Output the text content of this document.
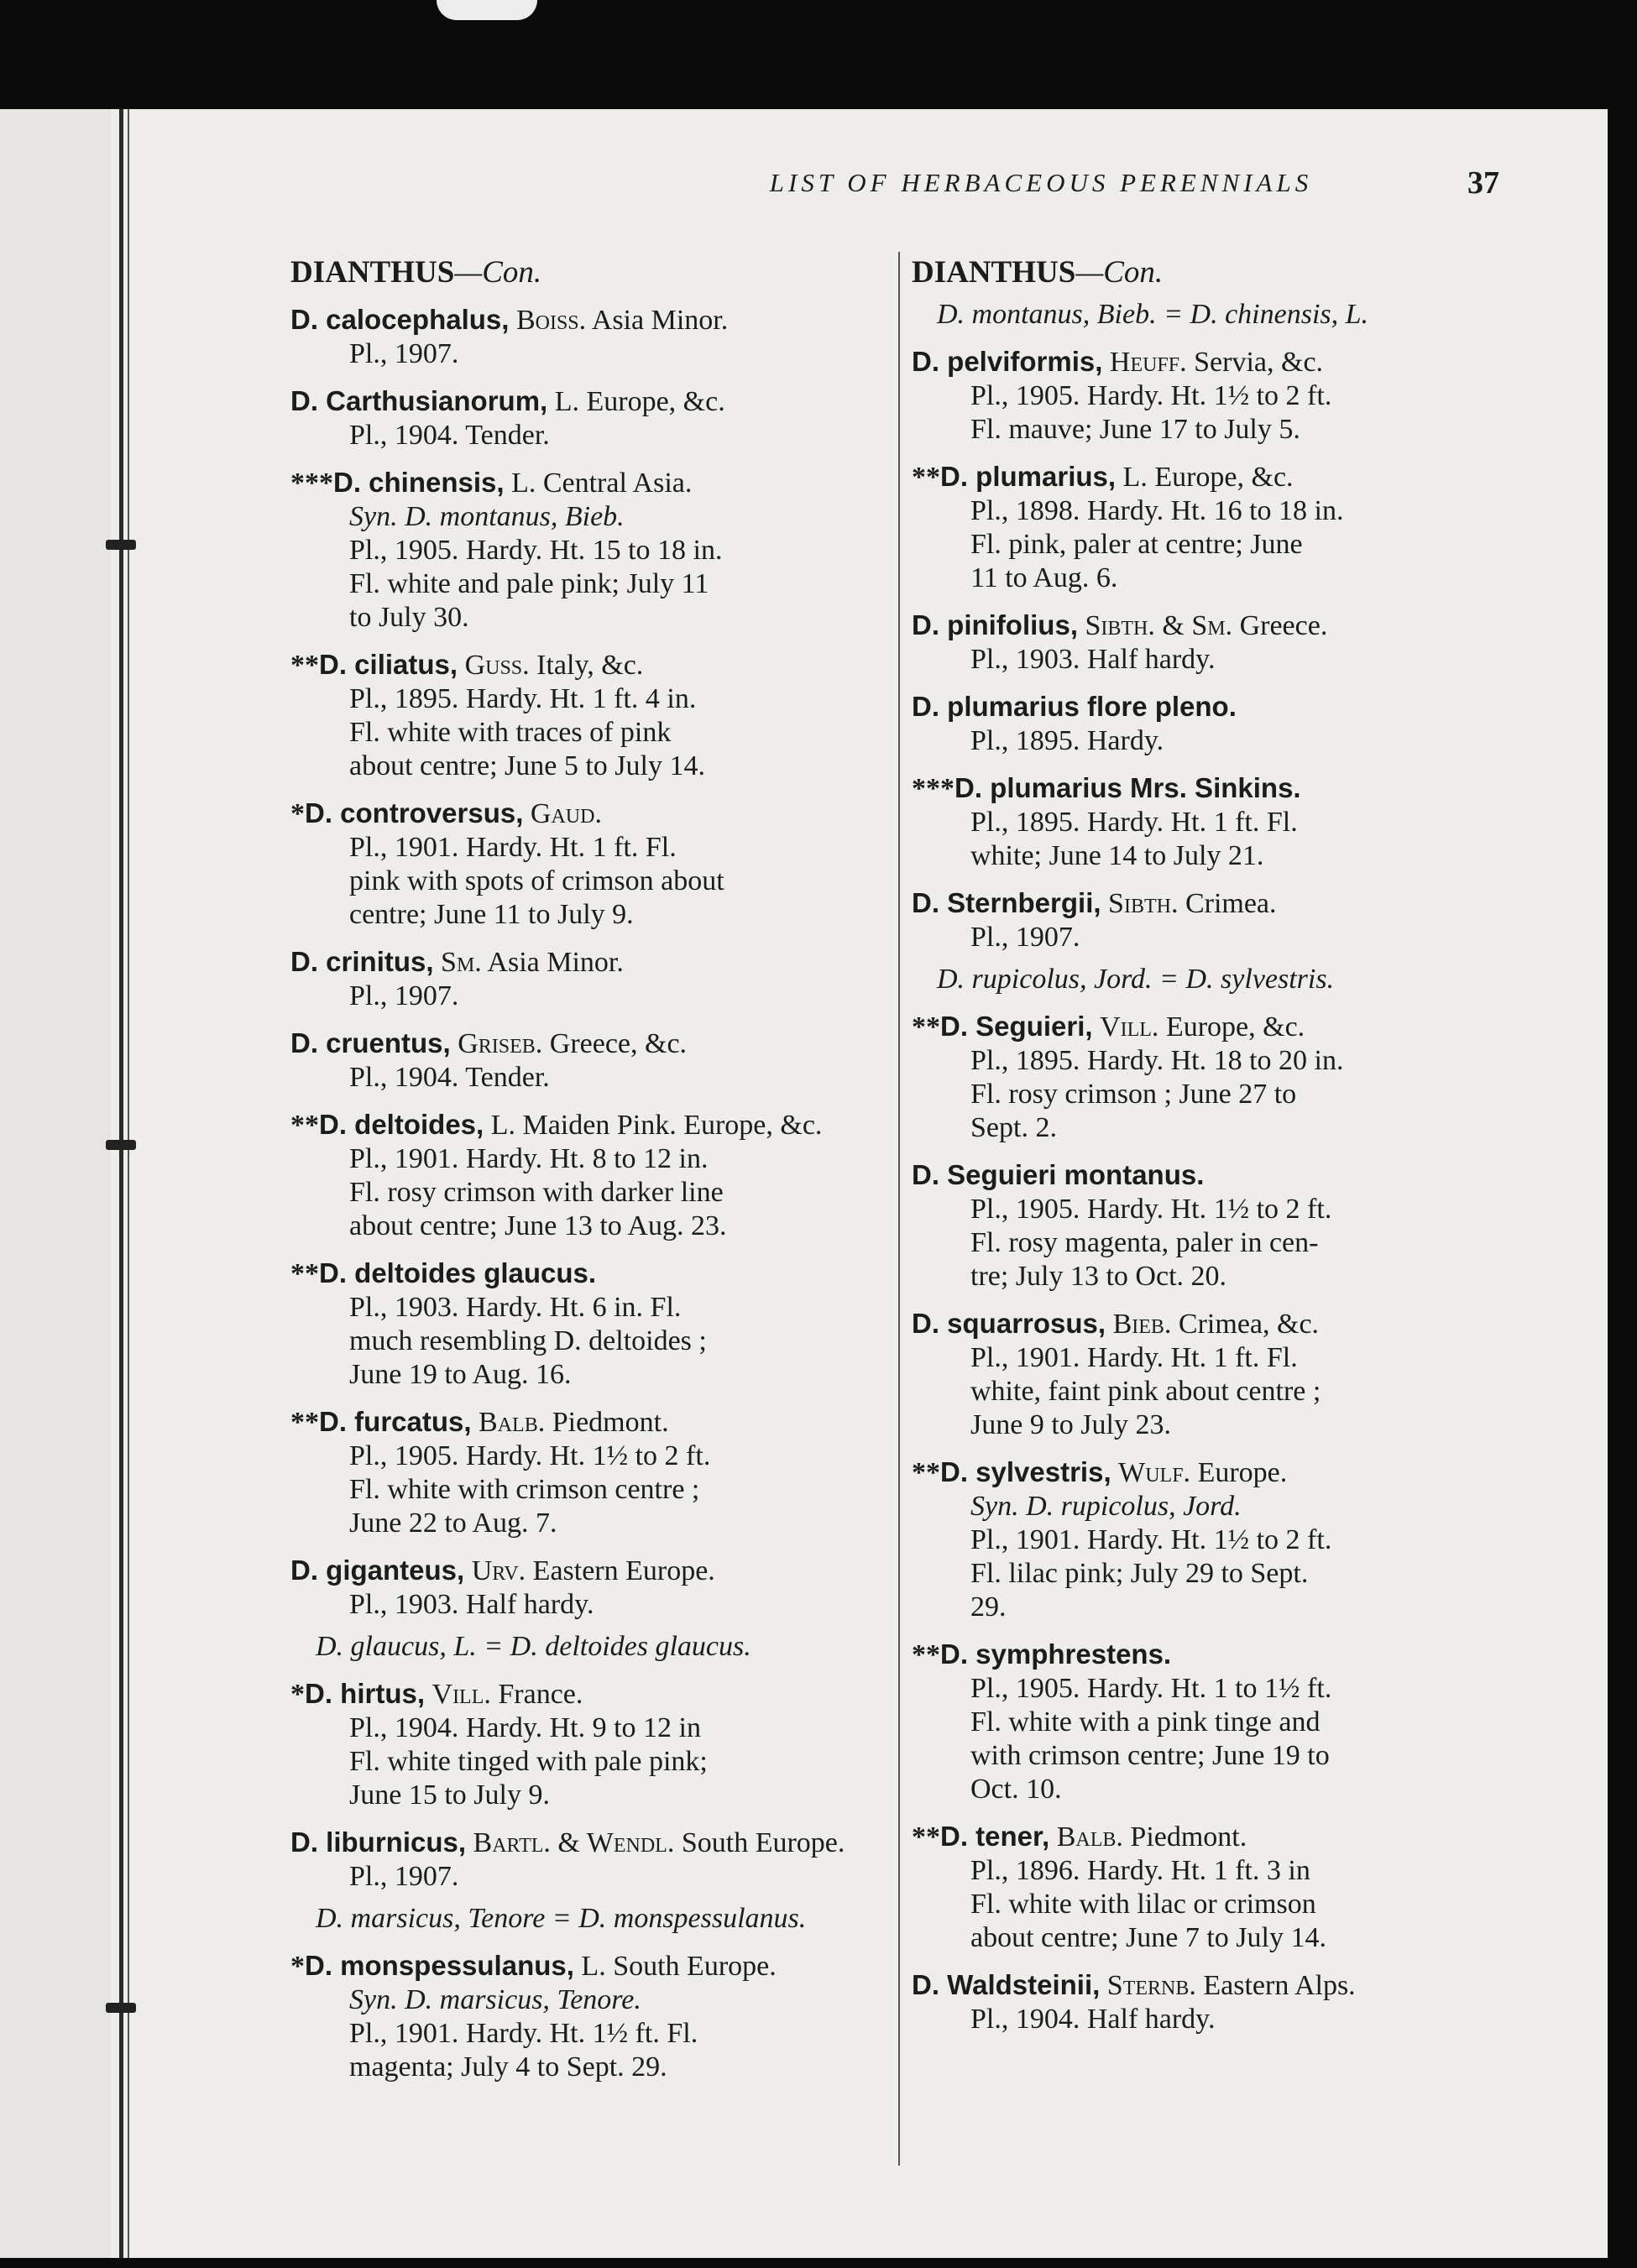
LIST OF HERBACEOUS PERENNIALS	37
DIANTHUS—Con.
D. calocephalus, Boiss. Asia Minor.
Pl., 1907.
D. Carthusianorum, L. Europe, &c.
Pl., 1904. Tender.
***D. chinensis, L. Central Asia.
Syn. D. montanus, Bieb.
Pl., 1905. Hardy. Ht. 15 to 18 in.
Fl. white and pale pink; July 11
to July 30.
**D. ciliatus, Guss. Italy, &c.
Pl., 1895. Hardy. Ht. 1 ft. 4 in.
Fl. white with traces of pink
about centre; June 5 to July 14.
*D. controversus, Gaud.
Pl., 1901. Hardy. Ht. 1 ft. Fl.
pink with spots of crimson about
centre; June 11 to July 9.
D. crinitus, Sm. Asia Minor.
Pl., 1907.
D. cruentus, Griseb. Greece, &c.
Pl., 1904. Tender.
**D. deltoides, L. Maiden Pink. Europe, &c.
Pl., 1901. Hardy. Ht. 8 to 12 in.
Fl. rosy crimson with darker line
about centre; June 13 to Aug. 23.
**D. deltoides glaucus.
Pl., 1903. Hardy. Ht. 6 in. Fl.
much resembling D. deltoides ;
June 19 to Aug. 16.
**D. furcatus, Balb. Piedmont.
Pl., 1905. Hardy. Ht. 1½ to 2 ft.
Fl. white with crimson centre ;
June 22 to Aug. 7.
D. giganteus, Urv. Eastern Europe.
Pl., 1903. Half hardy.
D. glaucus, L. = D. deltoides glaucus.
*D. hirtus, Vill. France.
Pl., 1904. Hardy. Ht. 9 to 12 in
Fl. white tinged with pale pink;
June 15 to July 9.
D. liburnicus, Bartl. & Wendl. South Europe.
Pl., 1907.
D. marsicus, Tenore = D. monspessulanus.
*D. monspessulanus, L. South Europe.
Syn. D. marsicus, Tenore.
Pl., 1901. Hardy. Ht. 1½ ft. Fl.
magenta; July 4 to Sept. 29.
DIANTHUS—Con.
D. montanus, Bieb. = D. chinensis, L.
D. pelviformis, Heuff. Servia, &c.
Pl., 1905. Hardy. Ht. 1½ to 2 ft.
Fl. mauve; June 17 to July 5.
**D. plumarius, L. Europe, &c.
Pl., 1898. Hardy. Ht. 16 to 18 in.
Fl. pink, paler at centre; June
11 to Aug. 6.
D. pinifolius, Sibth. & Sm. Greece.
Pl., 1903. Half hardy.
D. plumarius flore pleno.
Pl., 1895. Hardy.
***D. plumarius Mrs. Sinkins.
Pl., 1895. Hardy. Ht. 1 ft. Fl.
white; June 14 to July 21.
D. Sternbergii, Sibth. Crimea.
Pl., 1907.
D. rupicolus, Jord. = D. sylvestris.
**D. Seguieri, Vill. Europe, &c.
Pl., 1895. Hardy. Ht. 18 to 20 in.
Fl. rosy crimson ; June 27 to
Sept. 2.
D. Seguieri montanus.
Pl., 1905. Hardy. Ht. 1½ to 2 ft.
Fl. rosy magenta, paler in cen-
tre; July 13 to Oct. 20.
D. squarrosus, Bieb. Crimea, &c.
Pl., 1901. Hardy. Ht. 1 ft. Fl.
white, faint pink about centre ;
June 9 to July 23.
**D. sylvestris, Wulf. Europe.
Syn. D. rupicolus, Jord.
Pl., 1901. Hardy. Ht. 1½ to 2 ft.
Fl. lilac pink; July 29 to Sept.
29.
**D. symphrestens.
Pl., 1905. Hardy. Ht. 1 to 1½ ft.
Fl. white with a pink tinge and
with crimson centre; June 19 to
Oct. 10.
**D. tener, Balb. Piedmont.
Pl., 1896. Hardy. Ht. 1 ft. 3 in
Fl. white with lilac or crimson
about centre; June 7 to July 14.
D. Waldsteinii, Sternb. Eastern Alps.
Pl., 1904. Half hardy.
